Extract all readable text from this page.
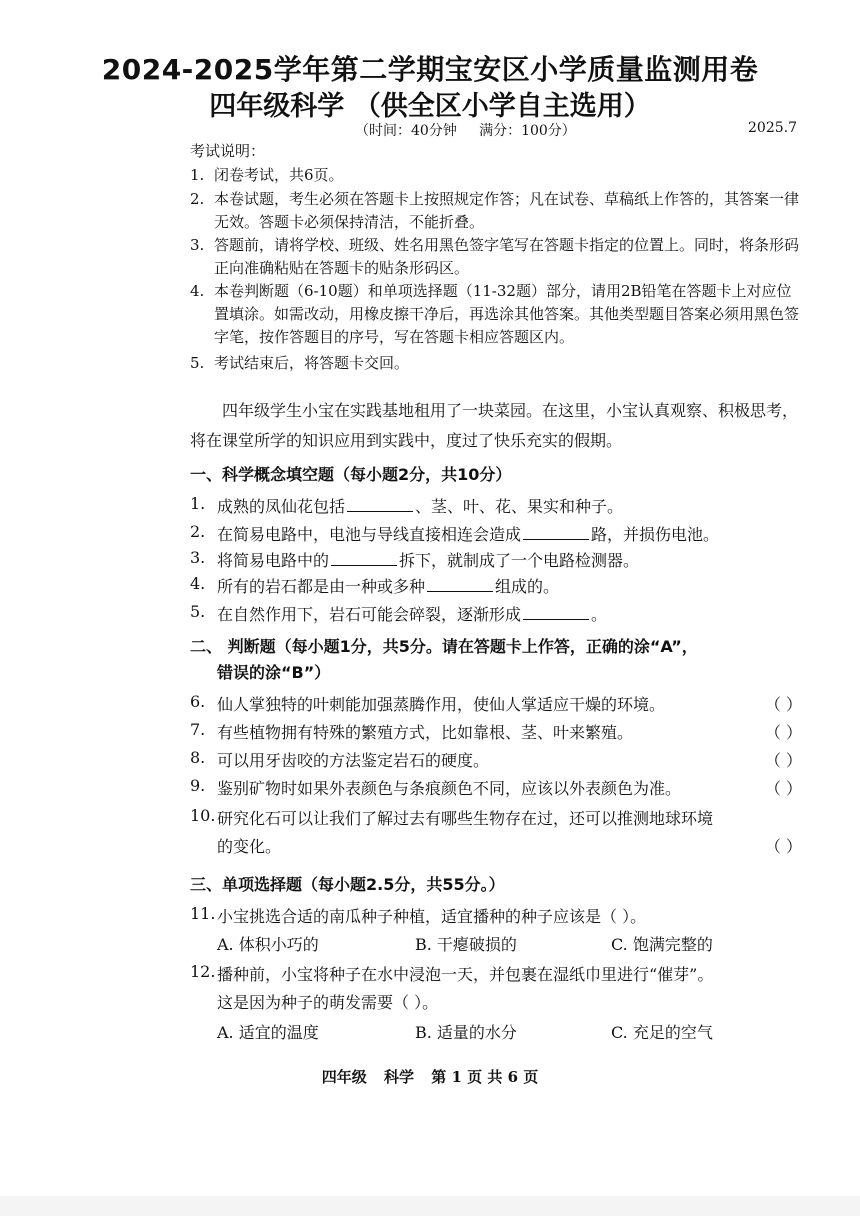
2024-2025学年第二学期宝安区小学质量监测用卷
四年级科学 （供全区小学自主选用）
（时间：40分钟     满分：100分）	2025.7
考试说明：
1. 闭卷考试，共6页。
2. 本卷试题，考生必须在答题卡上按照规定作答；凡在试卷、草稿纸上作答的，其答案一律无效。答题卡必须保持清洁，不能折叠。
3. 答题前，请将学校、班级、姓名用黑色签字笔写在答题卡指定的位置上。同时，将条形码正向准确粘贴在答题卡的贴条形码区。
4. 本卷判断题（6-10题）和单项选择题（11-32题）部分，请用2B铅笔在答题卡上对应位置填涂。如需改动，用橡皮擦干净后，再选涂其他答案。其他类型题目答案必须用黑色签字笔，按作答题目的序号，写在答题卡相应答题区内。
5. 考试结束后，将答题卡交回。
四年级学生小宝在实践基地租用了一块菜园。在这里，小宝认真观察、积极思考，将在课堂所学的知识应用到实践中，度过了快乐充实的假期。
一、科学概念填空题（每小题2分，共10分）
1. 成熟的凤仙花包括	、茎、叶、花、果实和种子。
2. 在简易电路中，电池与导线直接相连会造成	路，并损伤电池。
3. 将简易电路中的	拆下，就制成了一个电路检测器。
4. 所有的岩石都是由一种或多种	组成的。
5. 在自然作用下，岩石可能会碎裂，逐渐形成	。
二、 判断题（每小题1分，共5分。请在答题卡上作答，正确的涂“A”，
错误的涂“B”）
6. 仙人掌独特的叶刺能加强蒸腾作用，使仙人掌适应干燥的环境。	（ ）
7. 有些植物拥有特殊的繁殖方式，比如靠根、茎、叶来繁殖。	（ ）
8. 可以用牙齿咬的方法鉴定岩石的硬度。	（ ）
9. 鉴别矿物时如果外表颜色与条痕颜色不同，应该以外表颜色为准。	（ ）
10. 研究化石可以让我们了解过去有哪些生物存在过，还可以推测地球环境
的变化。	（ ）
三、单项选择题（每小题2.5分，共55分。）
11. 小宝挑选合适的南瓜种子种植，适宜播种的种子应该是（ ）。
A. 体积小巧的	B. 干瘪破损的	C. 饱满完整的
12. 播种前，小宝将种子在水中浸泡一天，并包裹在湿纸巾里进行“催芽”。
这是因为种子的萌发需要（ ）。
A. 适宜的温度	B. 适量的水分	C. 充足的空气
四年级 科学 第 1 页 共 6 页
